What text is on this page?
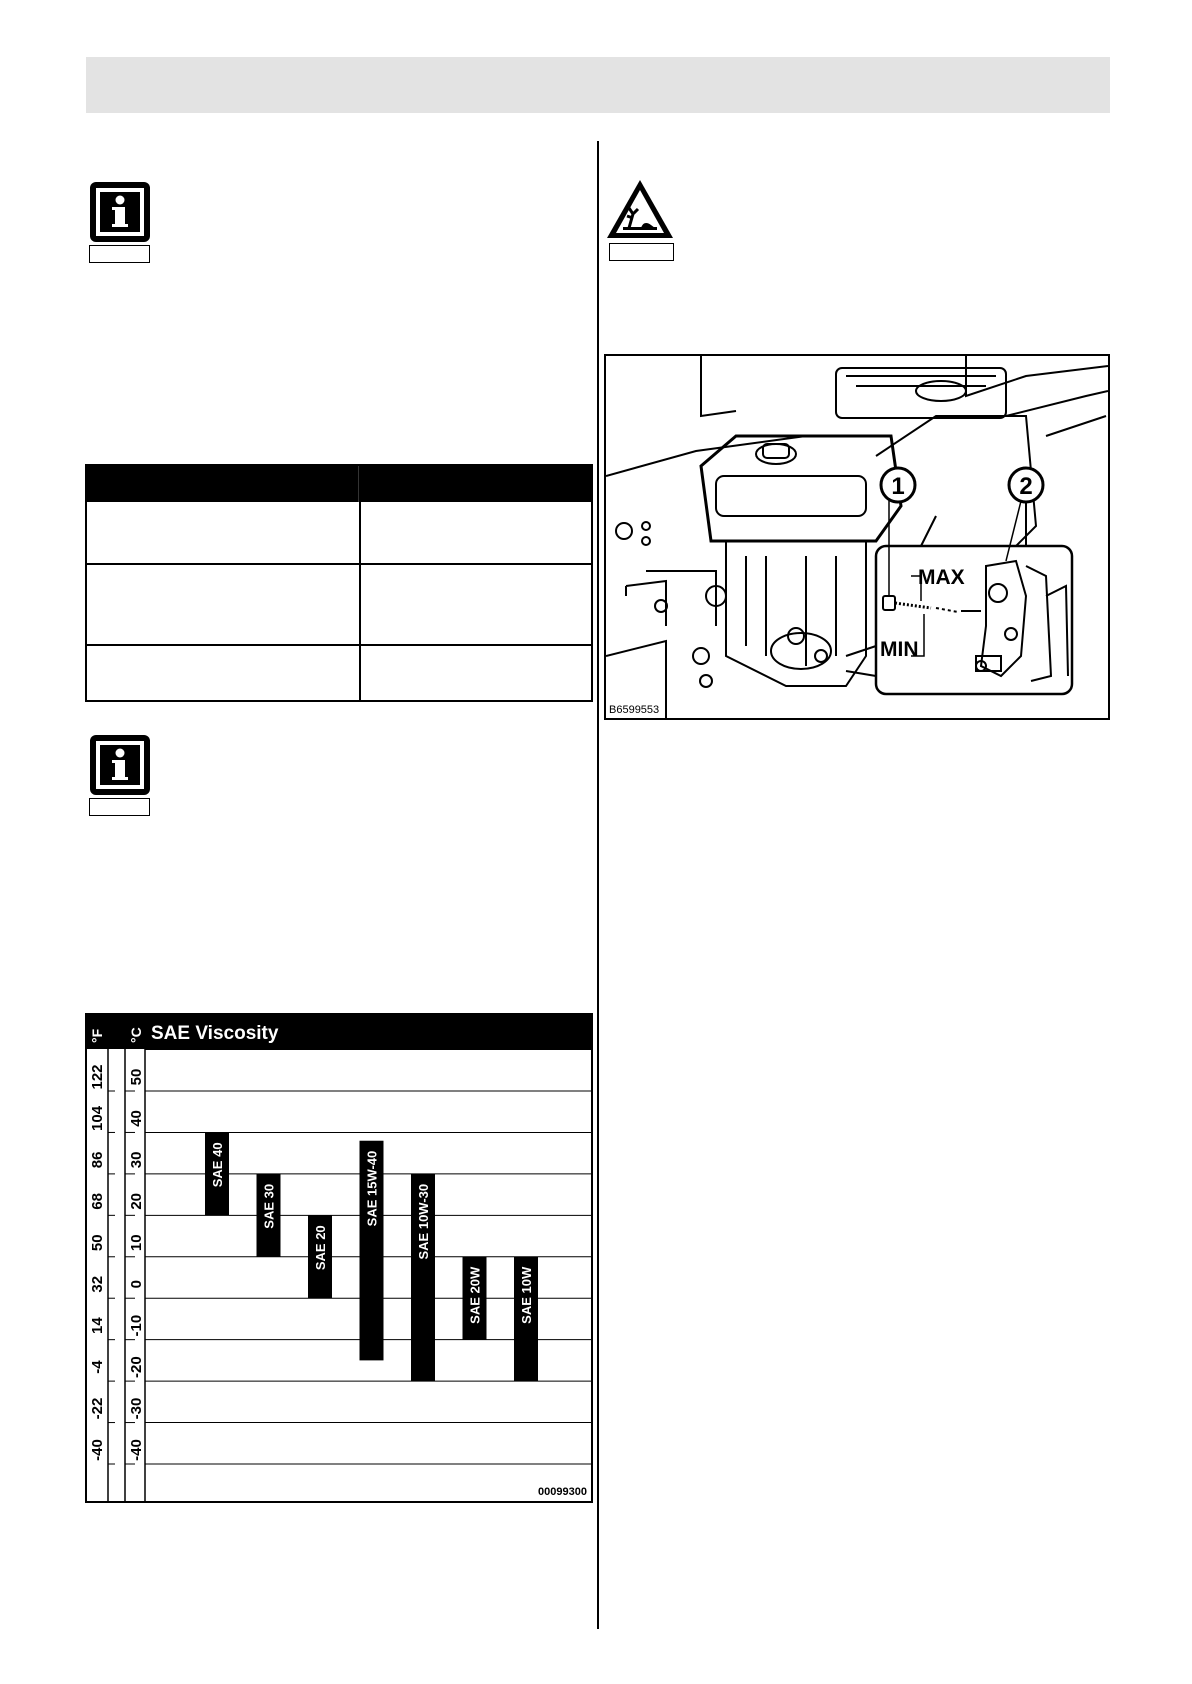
SAE Viscosity
°F °C
-40
-40
-30
-22
-20
-4
-10
14
0
32
10
50
20
68
30
86
40
104
50
122
SAE 40
SAE 30
SAE 20
SAE 15W-40	SAE 10W-30
SAE 20W	SAE 10W
00099300
1	2
MAX
MIN
B6599553
